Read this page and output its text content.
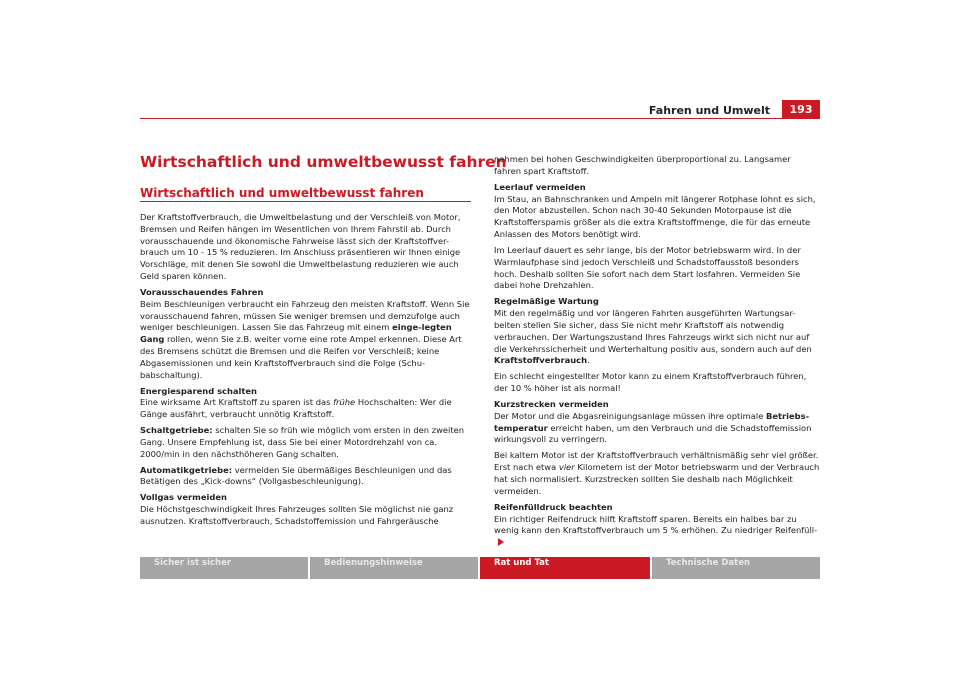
Fahren und Umwelt	193
Wirtschaftlich und umweltbewusst fahren
Wirtschaftlich und umweltbewusst fahren

Der Kraftstoffverbrauch, die Umweltbelastung und der Verschleiß von Motor, Bremsen und Reifen hängen im Wesentlichen von Ihrem Fahrstil ab. Durch vorausschauende und ökonomische Fahrweise lässt sich der Kraftstoffver-brauch um 10 - 15 % reduzieren. Im Anschluss präsentieren wir Ihnen einige Vorschläge, mit denen Sie sowohl die Umweltbelastung reduzieren wie auch Geld sparen können.

Vorausschauendes Fahren

Beim Beschleunigen verbraucht ein Fahrzeug den meisten Kraftstoff. Wenn Sie vorausschauend fahren, müssen Sie weniger bremsen und demzufolge auch weniger beschleunigen. Lassen Sie das Fahrzeug mit einem einge-legten Gang rollen, wenn Sie z.B. weiter vorne eine rote Ampel erkennen. Diese Art des Bremsens schützt die Bremsen und die Reifen vor Verschleiß; keine Abgasemissionen und kein Kraftstoffverbrauch sind die Folge (Schu-babschaltung).

Energiesparend schalten

Eine wirksame Art Kraftstoff zu sparen ist das frühe Hochschalten: Wer die Gänge ausfährt, verbraucht unnötig Kraftstoff.

Schaltgetriebe: schalten Sie so früh wie möglich vom ersten in den zweiten Gang. Unsere Empfehlung ist, dass Sie bei einer Motordrehzahl von ca. 2000/min in den nächsthöheren Gang schalten.

Automatikgetriebe: vermeiden Sie übermäßiges Beschleunigen und das Betätigen des „Kick-downs“ (Vollgasbeschleunigung).

Vollgas vermeiden

Die Höchstgeschwindigkeit Ihres Fahrzeuges sollten Sie möglichst nie ganz ausnutzen. Kraftstoffverbrauch, Schadstoffemission und Fahrgeräusche

nehmen bei hohen Geschwindigkeiten überproportional zu. Langsamer fahren spart Kraftstoff.

Leerlauf vermeiden

Im Stau, an Bahnschranken und Ampeln mit längerer Rotphase lohnt es sich, den Motor abzustellen. Schon nach 30-40 Sekunden Motorpause ist die Kraftstofferspamis größer als die extra Kraftstoffmenge, die für das erneute Anlassen des Motors benötigt wird.

Im Leerlauf dauert es sehr lange, bis der Motor betriebswarm wird. In der Warmlaufphase sind jedoch Verschleiß und Schadstoffausstoß besonders hoch. Deshalb sollten Sie sofort nach dem Start losfahren. Vermeiden Sie dabei hohe Drehzahlen.

Regelmäßige Wartung

Mit den regelmäßig und vor längeren Fahrten ausgeführten Wartungsar-beiten stellen Sie sicher, dass Sie nicht mehr Kraftstoff als notwendig verbrauchen. Der Wartungszustand Ihres Fahrzeugs wirkt sich nicht nur auf die Verkehrssicherheit und Werterhaltung positiv aus, sondern auch auf den Kraftstoffverbrauch.

Ein schlecht eingestellter Motor kann zu einem Kraftstoffverbrauch führen, der 10 % höher ist als normal!

Kurzstrecken vermeiden

Der Motor und die Abgasreinigungsanlage müssen ihre optimale Betriebs-temperatur erreicht haben, um den Verbrauch und die Schadstoffemission wirkungsvoll zu verringern.

Bei kaltem Motor ist der Kraftstoffverbrauch verhältnismäßig sehr viel größer. Erst nach etwa vier Kilometern ist der Motor betriebswarm und der Verbrauch hat sich normalisiert. Kurzstrecken sollten Sie deshalb nach Möglichkeit vermeiden.

Reifenfülldruck beachten

Ein richtiger Reifendruck hilft Kraftstoff sparen. Bereits ein halbes bar zu wenig kann den Kraftstoffverbrauch um 5 % erhöhen. Zu niedriger Reifenfüll-

Sicher ist sicher	Bedienungshinweise	Rat und Tat	Technische Daten
